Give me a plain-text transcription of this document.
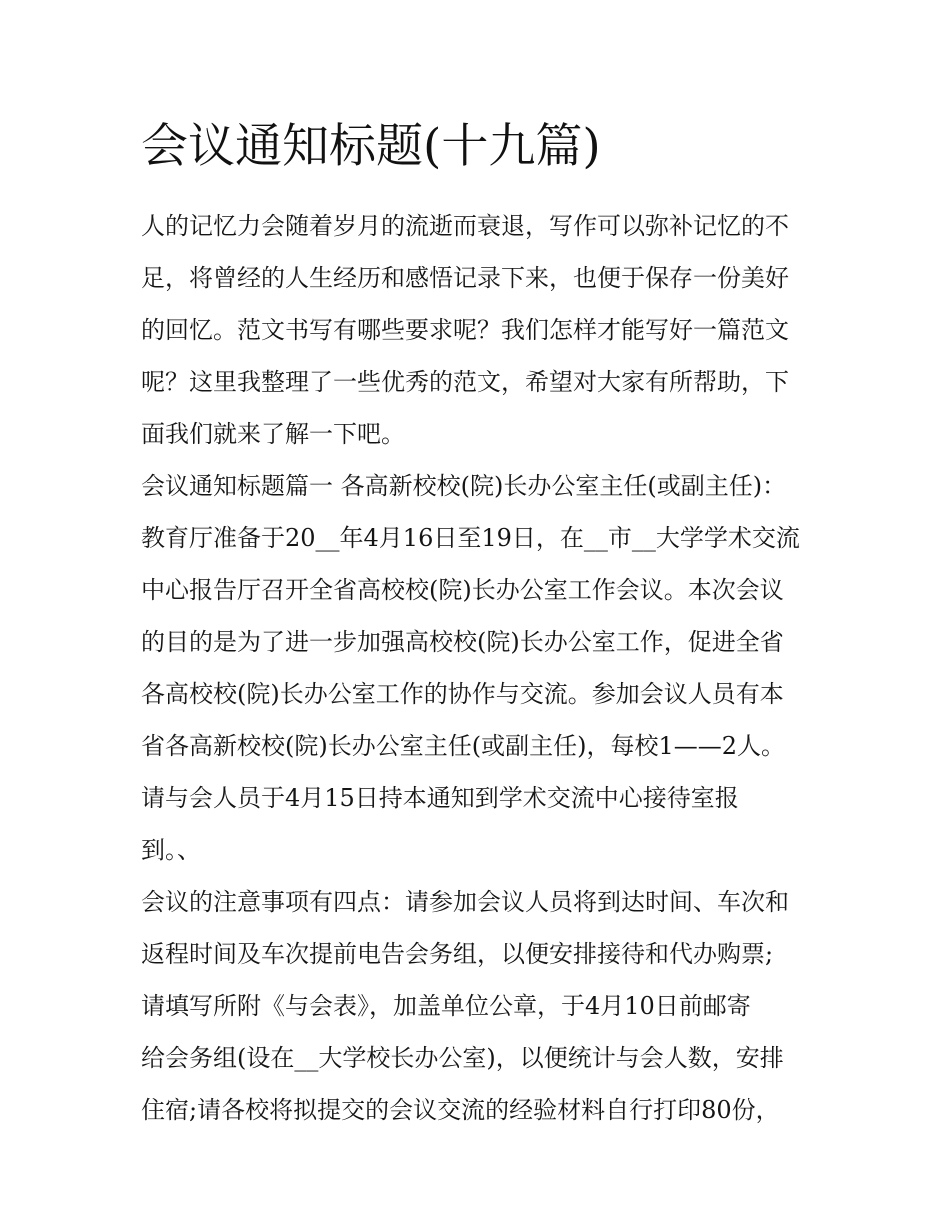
会议通知标题(十九篇)
人的记忆力会随着岁月的流逝而衰退，写作可以弥补记忆的不
足，将曾经的人生经历和感悟记录下来，也便于保存一份美好
的回忆。范文书写有哪些要求呢？我们怎样才能写好一篇范文
呢？这里我整理了一些优秀的范文，希望对大家有所帮助，下
面我们就来了解一下吧。
会议通知标题篇一 各高新校校(院)长办公室主任(或副主任)：
教育厅准备于20__年4月16日至19日，在__市__大学学术交流
中心报告厅召开全省高校校(院)长办公室工作会议。本次会议
的目的是为了进一步加强高校校(院)长办公室工作，促进全省
各高校校(院)长办公室工作的协作与交流。参加会议人员有本
省各高新校校(院)长办公室主任(或副主任)，每校1——2人。
请与会人员于4月15日持本通知到学术交流中心接待室报
到。、
会议的注意事项有四点：请参加会议人员将到达时间、车次和
返程时间及车次提前电告会务组，以便安排接待和代办购票;
请填写所附《与会表》，加盖单位公章，于4月10日前邮寄
给会务组(设在__大学校长办公室)，以便统计与会人数，安排
住宿;请各校将拟提交的会议交流的经验材料自行打印80份，
